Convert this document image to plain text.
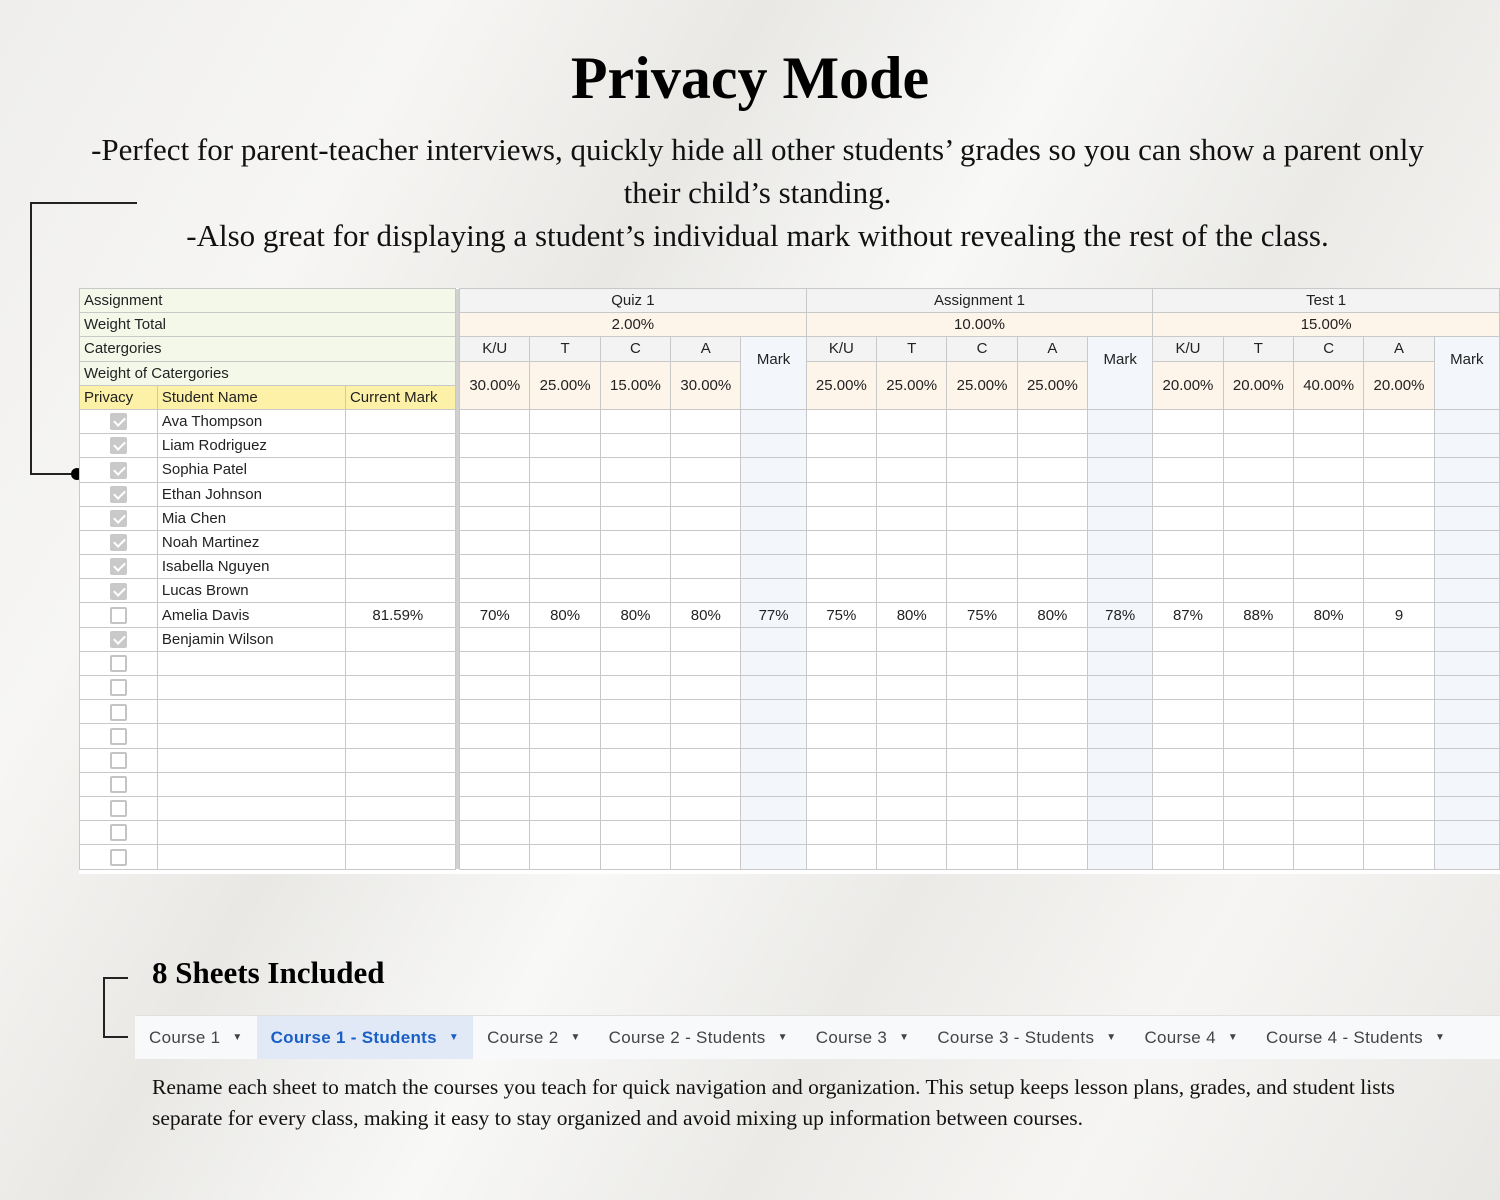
Privacy Mode
-Perfect for parent-teacher interviews, quickly hide all other students’ grades so you can show a parent only their child’s standing.
-Also great for displaying a student’s individual mark without revealing the rest of the class.
Assignment				Quiz 1					Assignment 1					Test 1				
Weight Total				2.00%					10.00%					15.00%				
Catergories				K/U	T	C	A	Mark	K/U	T	C	A	Mark	K/U	T	C	A	Mark
Weight of Catergories				30.00%	25.00%	15.00%	30.00%		25.00%	25.00%	25.00%	25.00%		20.00%	20.00%	40.00%	20.00%	
Privacy	Student Name	Current Mark																
	Ava Thompson																	
	Liam Rodriguez																	
	Sophia Patel																	
	Ethan Johnson																	
	Mia Chen																	
	Noah Martinez																	
	Isabella Nguyen																	
	Lucas Brown																	
	Amelia Davis	81.59%		70%	80%	80%	80%	77%	75%	80%	75%	80%	78%	87%	88%	80%	9	
	Benjamin Wilson																	

8 Sheets Included
Course 1 ▼ Course 1 - Students ▼ Course 2 ▼ Course 2 - Students ▼ Course 3 ▼ Course 3 - Students ▼ Course 4 ▼ Course 4 - Students ▼
Rename each sheet to match the courses you teach for quick navigation and organization. This setup keeps lesson plans, grades, and student lists separate for every class, making it easy to stay organized and avoid mixing up information between courses.
